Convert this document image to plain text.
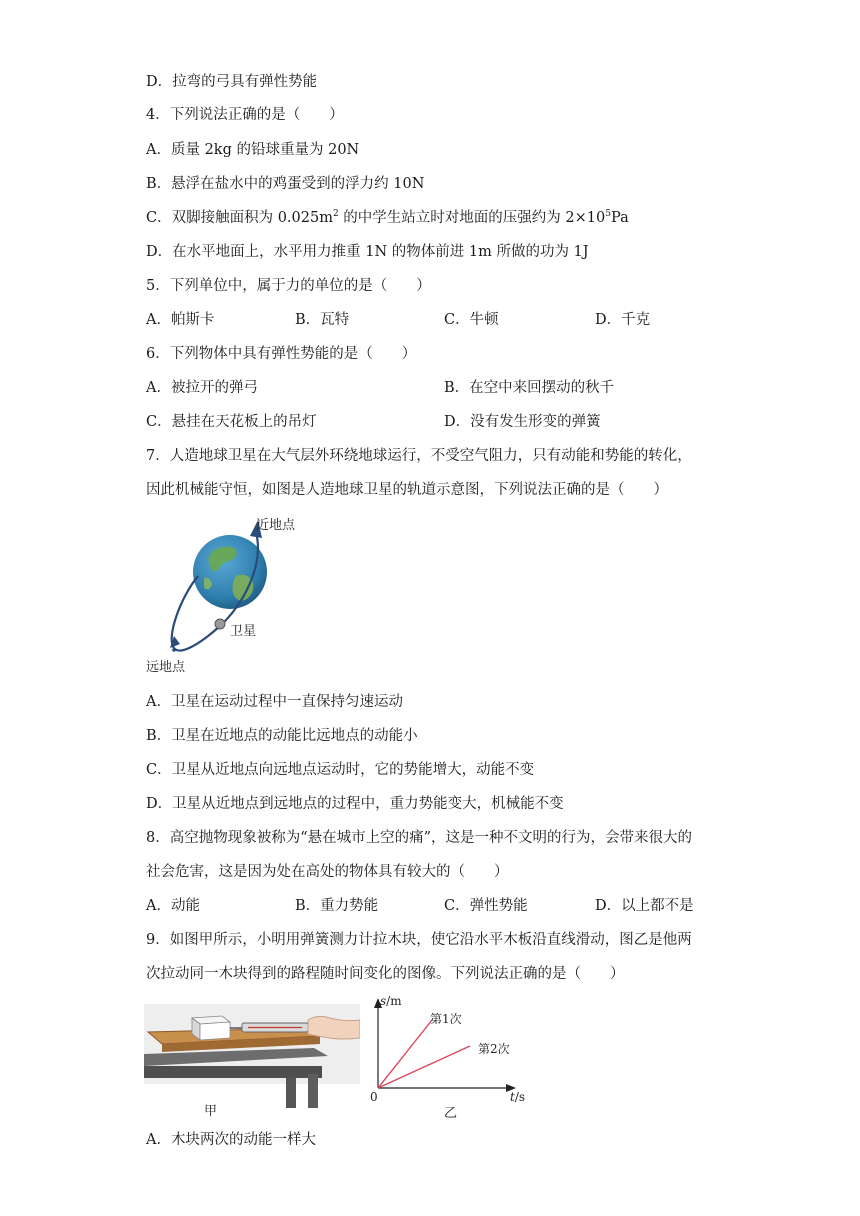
D．拉弯的弓具有弹性势能
4．下列说法正确的是（　　）
A．质量 2kg 的铅球重量为 20N
B．悬浮在盐水中的鸡蛋受到的浮力约 10N
C．双脚接触面积为 $0.025m^2$ 的中学生站立时对地面的压强约为 $2\times 10^5Pa$
D．在水平地面上，水平用力推重 1N 的物体前进 1m 所做的功为 1J
5．下列单位中，属于力的单位的是（　　）
A．帕斯卡	B．瓦特	C．牛顿	D．千克
6．下列物体中具有弹性势能的是（　　）
A．被拉开的弹弓	B．在空中来回摆动的秋千
C．悬挂在天花板上的吊灯	D．没有发生形变的弹簧
7．人造地球卫星在大气层外环绕地球运行，不受空气阻力，只有动能和势能的转化，
因此机械能守恒，如图是人造地球卫星的轨道示意图，下列说法正确的是（　　）
近地点
卫星
远地点
A．卫星在运动过程中一直保持匀速运动
B．卫星在近地点的动能比远地点的动能小
C．卫星从近地点向远地点运动时，它的势能增大，动能不变
D．卫星从近地点到远地点的过程中，重力势能变大，机械能不变
8．高空抛物现象被称为“悬在城市上空的痛”，这是一种不文明的行为，会带来很大的
社会危害，这是因为处在高处的物体具有较大的（　　）
A．动能	B．重力势能	C．弹性势能	D．以上都不是
9．如图甲所示，小明用弹簧测力计拉木块，使它沿水平木板沿直线滑动，图乙是他两
次拉动同一木块得到的路程随时间变化的图像。下列说法正确的是（　　）
甲
s/m
第1次
第2次
0	t/s
乙
A．木块两次的动能一样大
